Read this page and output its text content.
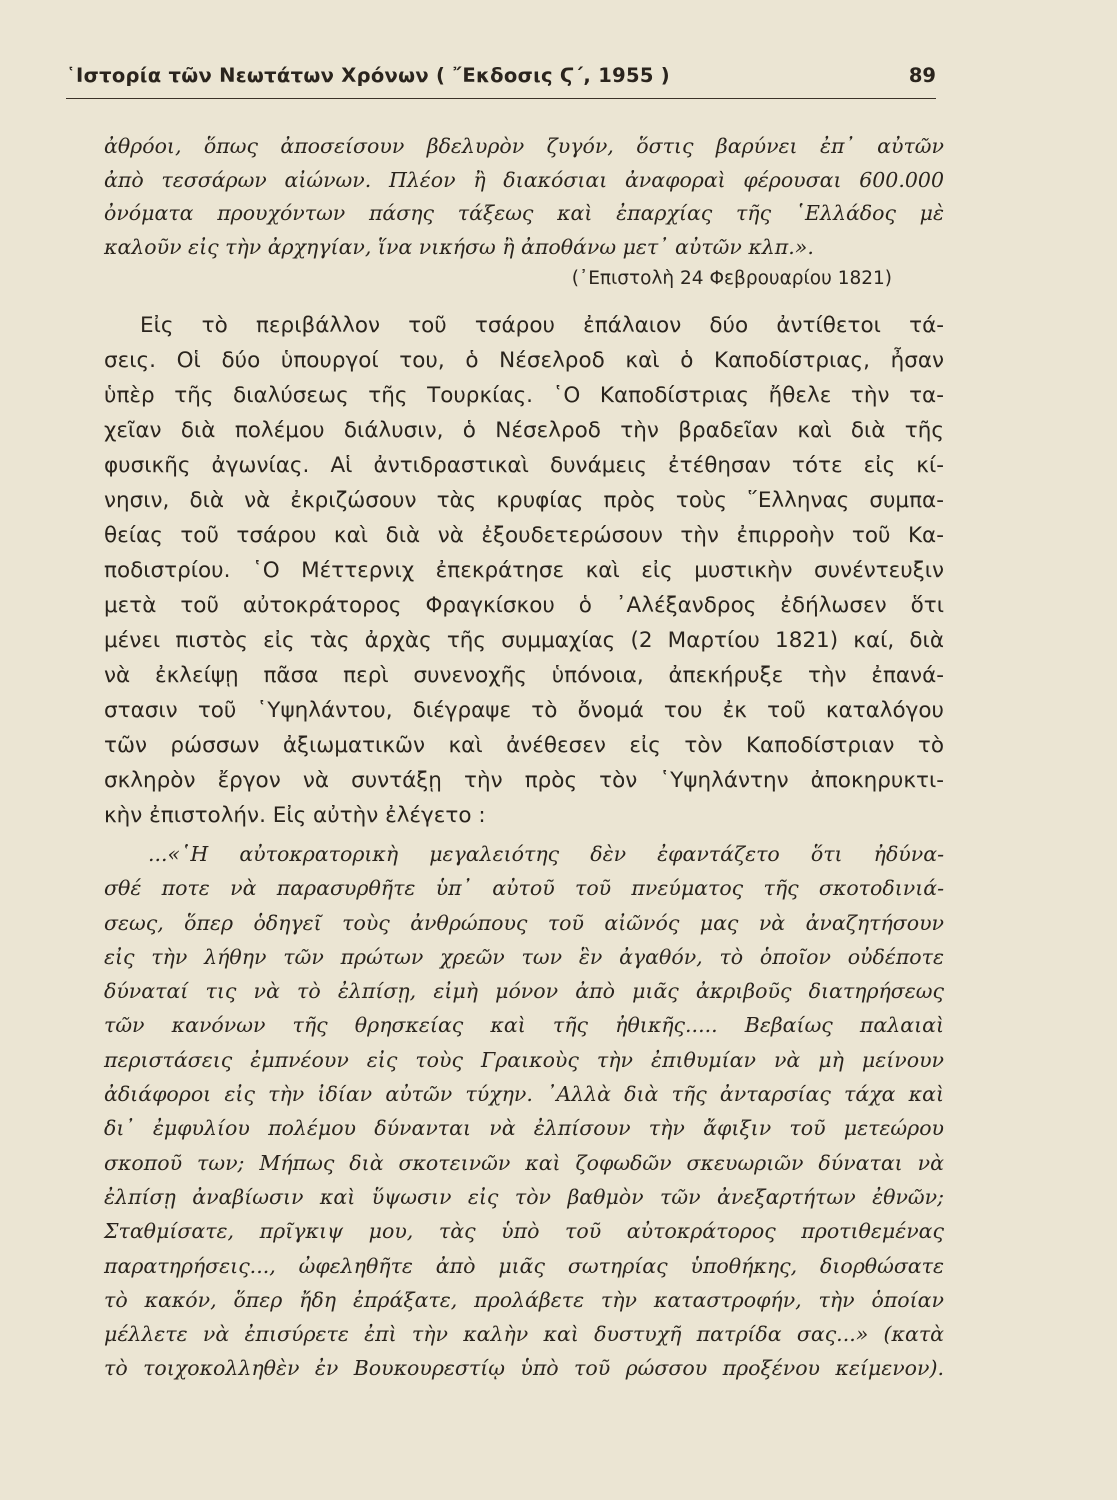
῾Ιστορία τῶν Νεωτάτων Χρόνων ( ῎Εκδοσις Ϛ΄, 1955 )	89
ἀθρόοι, ὅπως ἀποσείσουν βδελυρὸν ζυγόν, ὅστις βαρύνει ἐπ᾽ αὐτῶν
ἀπὸ τεσσάρων αἰώνων. Πλέον ἢ διακόσιαι ἀναφοραὶ φέρουσαι 600.000
ὀνόματα προυχόντων πάσης τάξεως καὶ ἐπαρχίας τῆς ῾Ελλάδος μὲ
καλοῦν εἰς τὴν ἀρχηγίαν, ἵνα νικήσω ἢ ἀποθάνω μετ᾽ αὐτῶν κλπ.».
(᾽Επιστολὴ 24 Φεβρουαρίου 1821)
Εἰς τὸ περιβάλλον τοῦ τσάρου ἐπάλαιον δύο ἀντίθετοι τά-
σεις. Οἱ δύο ὑπουργοί του, ὁ Νέσελροδ καὶ ὁ Καποδίστριας, ἦσαν
ὑπὲρ τῆς διαλύσεως τῆς Τουρκίας. ῾Ο Καποδίστριας ἤθελε τὴν τα-
χεῖαν διὰ πολέμου διάλυσιν, ὁ Νέσελροδ τὴν βραδεῖαν καὶ διὰ τῆς
φυσικῆς ἀγωνίας. Αἱ ἀντιδραστικαὶ δυνάμεις ἐτέθησαν τότε εἰς κί-
νησιν, διὰ νὰ ἐκριζώσουν τὰς κρυφίας πρὸς τοὺς ῞Ελληνας συμπα-
θείας τοῦ τσάρου καὶ διὰ νὰ ἐξουδετερώσουν τὴν ἐπιρροὴν τοῦ Κα-
ποδιστρίου. ῾Ο Μέττερνιχ ἐπεκράτησε καὶ εἰς μυστικὴν συνέντευξιν
μετὰ τοῦ αὐτοκράτορος Φραγκίσκου ὁ ᾽Αλέξανδρος ἐδήλωσεν ὅτι
μένει πιστὸς εἰς τὰς ἀρχὰς τῆς συμμαχίας (2 Μαρτίου 1821) καί, διὰ
νὰ ἐκλείψῃ πᾶσα περὶ συνενοχῆς ὑπόνοια, ἀπεκήρυξε τὴν ἐπανά-
στασιν τοῦ ῾Υψηλάντου, διέγραψε τὸ ὄνομά του ἐκ τοῦ καταλόγου
τῶν ρώσσων ἀξιωματικῶν καὶ ἀνέθεσεν εἰς τὸν Καποδίστριαν τὸ
σκληρὸν ἔργον νὰ συντάξῃ τὴν πρὸς τὸν ῾Υψηλάντην ἀποκηρυκτι-
κὴν ἐπιστολήν. Εἰς αὐτὴν ἐλέγετο :
...«῾Η αὐτοκρατορικὴ μεγαλειότης δὲν ἐφαντάζετο ὅτι ἠδύνα-
σθέ ποτε νὰ παρασυρθῆτε ὑπ᾽ αὐτοῦ τοῦ πνεύματος τῆς σκοτοδινιά-
σεως, ὅπερ ὁδηγεῖ τοὺς ἀνθρώπους τοῦ αἰῶνός μας νὰ ἀναζητήσουν
εἰς τὴν λήθην τῶν πρώτων χρεῶν των ἓν ἀγαθόν, τὸ ὁποῖον οὐδέποτε
δύναταί τις νὰ τὸ ἐλπίσῃ, εἰμὴ μόνον ἀπὸ μιᾶς ἀκριβοῦς διατηρήσεως
τῶν κανόνων τῆς θρησκείας καὶ τῆς ἠθικῆς..... Βεβαίως παλαιαὶ
περιστάσεις ἐμπνέουν εἰς τοὺς Γραικοὺς τὴν ἐπιθυμίαν νὰ μὴ μείνουν
ἀδιάφοροι εἰς τὴν ἰδίαν αὐτῶν τύχην. ᾽Αλλὰ διὰ τῆς ἀνταρσίας τάχα καὶ
δι᾽ ἐμφυλίου πολέμου δύνανται νὰ ἐλπίσουν τὴν ἄφιξιν τοῦ μετεώρου
σκοποῦ των; Μήπως διὰ σκοτεινῶν καὶ ζοφωδῶν σκευωριῶν δύναται νὰ
ἐλπίσῃ ἀναβίωσιν καὶ ὕψωσιν εἰς τὸν βαθμὸν τῶν ἀνεξαρτήτων ἐθνῶν;
Σταθμίσατε, πρῖγκιψ μου, τὰς ὑπὸ τοῦ αὐτοκράτορος προτιθεμένας
παρατηρήσεις..., ὠφεληθῆτε ἀπὸ μιᾶς σωτηρίας ὑποθήκης, διορθώσατε
τὸ κακόν, ὅπερ ἤδη ἐπράξατε, προλάβετε τὴν καταστροφήν, τὴν ὁποίαν
μέλλετε νὰ ἐπισύρετε ἐπὶ τὴν καλὴν καὶ δυστυχῆ πατρίδα σας...» (κατὰ
τὸ τοιχοκολληθὲν ἐν Βουκουρεστίῳ ὑπὸ τοῦ ρώσσου προξένου κείμενον).
